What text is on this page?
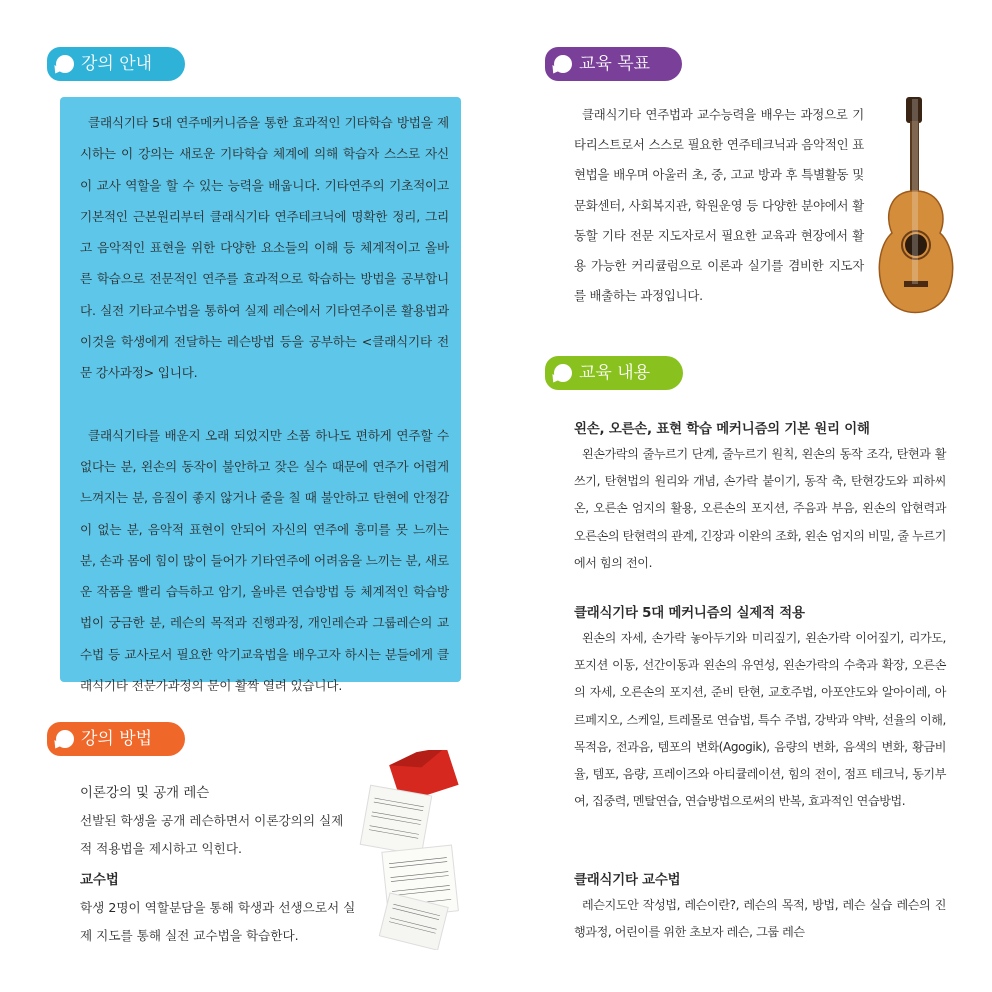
강의 안내

클래식기타 5대 연주메커니즘을 통한 효과적인 기타학습 방법을 제시하는 이 강의는 새로운 기타학습 체계에 의해 학습자 스스로 자신이 교사 역할을 할 수 있는 능력을 배웁니다. 기타연주의 기초적이고 기본적인 근본원리부터 클래식기타 연주테크닉에 명확한 정리, 그리고 음악적인 표현을 위한 다양한 요소들의 이해 등 체계적이고 올바른 학습으로 전문적인 연주를 효과적으로 학습하는 방법을 공부합니다. 실전 기타교수법을 통하여 실제 레슨에서 기타연주이론 활용법과 이것을 학생에게 전달하는 레슨방법 등을 공부하는 <클래식기타 전문 강사과정> 입니다.

클래식기타를 배운지 오래 되었지만 소품 하나도 편하게 연주할 수 없다는 분, 왼손의 동작이 불안하고 잦은 실수 때문에 연주가 어렵게 느껴지는 분, 음질이 좋지 않거나 줄을 칠 때 불안하고 탄현에 안정감이 없는 분, 음악적 표현이 안되어 자신의 연주에 흥미를 못 느끼는 분, 손과 몸에 힘이 많이 들어가 기타연주에 어려움을 느끼는 분, 새로운 작품을 빨리 습득하고 암기, 올바른 연습방법 등 체계적인 학습방법이 궁금한 분, 레슨의 목적과 진행과정, 개인레슨과 그룹레슨의 교수법 등 교사로서 필요한 악기교육법을 배우고자 하시는 분들에게 클래식기타 전문가과정의 문이 활짝 열려 있습니다.

강의 방법

이론강의 및 공개 레슨

선발된 학생을 공개 레슨하면서 이론강의의 실제적 적용법을 제시하고 익힌다.

교수법

학생 2명이 역할분담을 통해 학생과 선생으로서 실제 지도를 통해 실전 교수법을 학습한다.

교육 목표

클래식기타 연주법과 교수능력을 배우는 과정으로 기타리스트로서 스스로 필요한 연주테크닉과 음악적인 표현법을 배우며 아울러 초, 중, 고교 방과 후 특별활동 및 문화센터, 사회복지관, 학원운영 등 다양한 분야에서 활동할 기타 전문 지도자로서 필요한 교육과 현장에서 활용 가능한 커리큘럼으로 이론과 실기를 겸비한 지도자를 배출하는 과정입니다.

교육 내용

왼손, 오른손, 표현 학습 메커니즘의 기본 원리 이해

왼손가락의 줄누르기 단계, 줄누르기 원칙, 왼손의 동작 조각, 탄현과 활쓰기, 탄현법의 원리와 개념, 손가락 붙이기, 동작 축, 탄현강도와 피하씨온, 오른손 엄지의 활용, 오른손의 포지션, 주음과 부음, 왼손의 압현력과 오른손의 탄현력의 관계, 긴장과 이완의 조화, 왼손 엄지의 비밀, 줄 누르기에서 힘의 전이.

클래식기타 5대 메커니즘의 실제적 적용

왼손의 자세, 손가락 놓아두기와 미리짚기, 왼손가락 이어짚기, 리가도, 포지션 이동, 선간이동과 왼손의 유연성, 왼손가락의 수축과 확장, 오른손의 자세, 오른손의 포지션, 준비 탄현, 교호주법, 아포얀도와 알아이레, 아르페지오, 스케일, 트레몰로 연습법, 특수 주법, 강박과 약박, 선율의 이해, 목적음, 전과음, 템포의 변화(Agogik), 음량의 변화, 음색의 변화, 황금비율, 템포, 음량, 프레이즈와 아티큘레이션, 힘의 전이, 점프 테크닉, 동기부여, 집중력, 멘탈연습, 연습방법으로써의 반복, 효과적인 연습방법.

클래식기타 교수법

레슨지도안 작성법, 레슨이란?, 레슨의 목적, 방법, 레슨 실습 레슨의 진행과정, 어린이를 위한 초보자 레슨, 그룹 레슨
